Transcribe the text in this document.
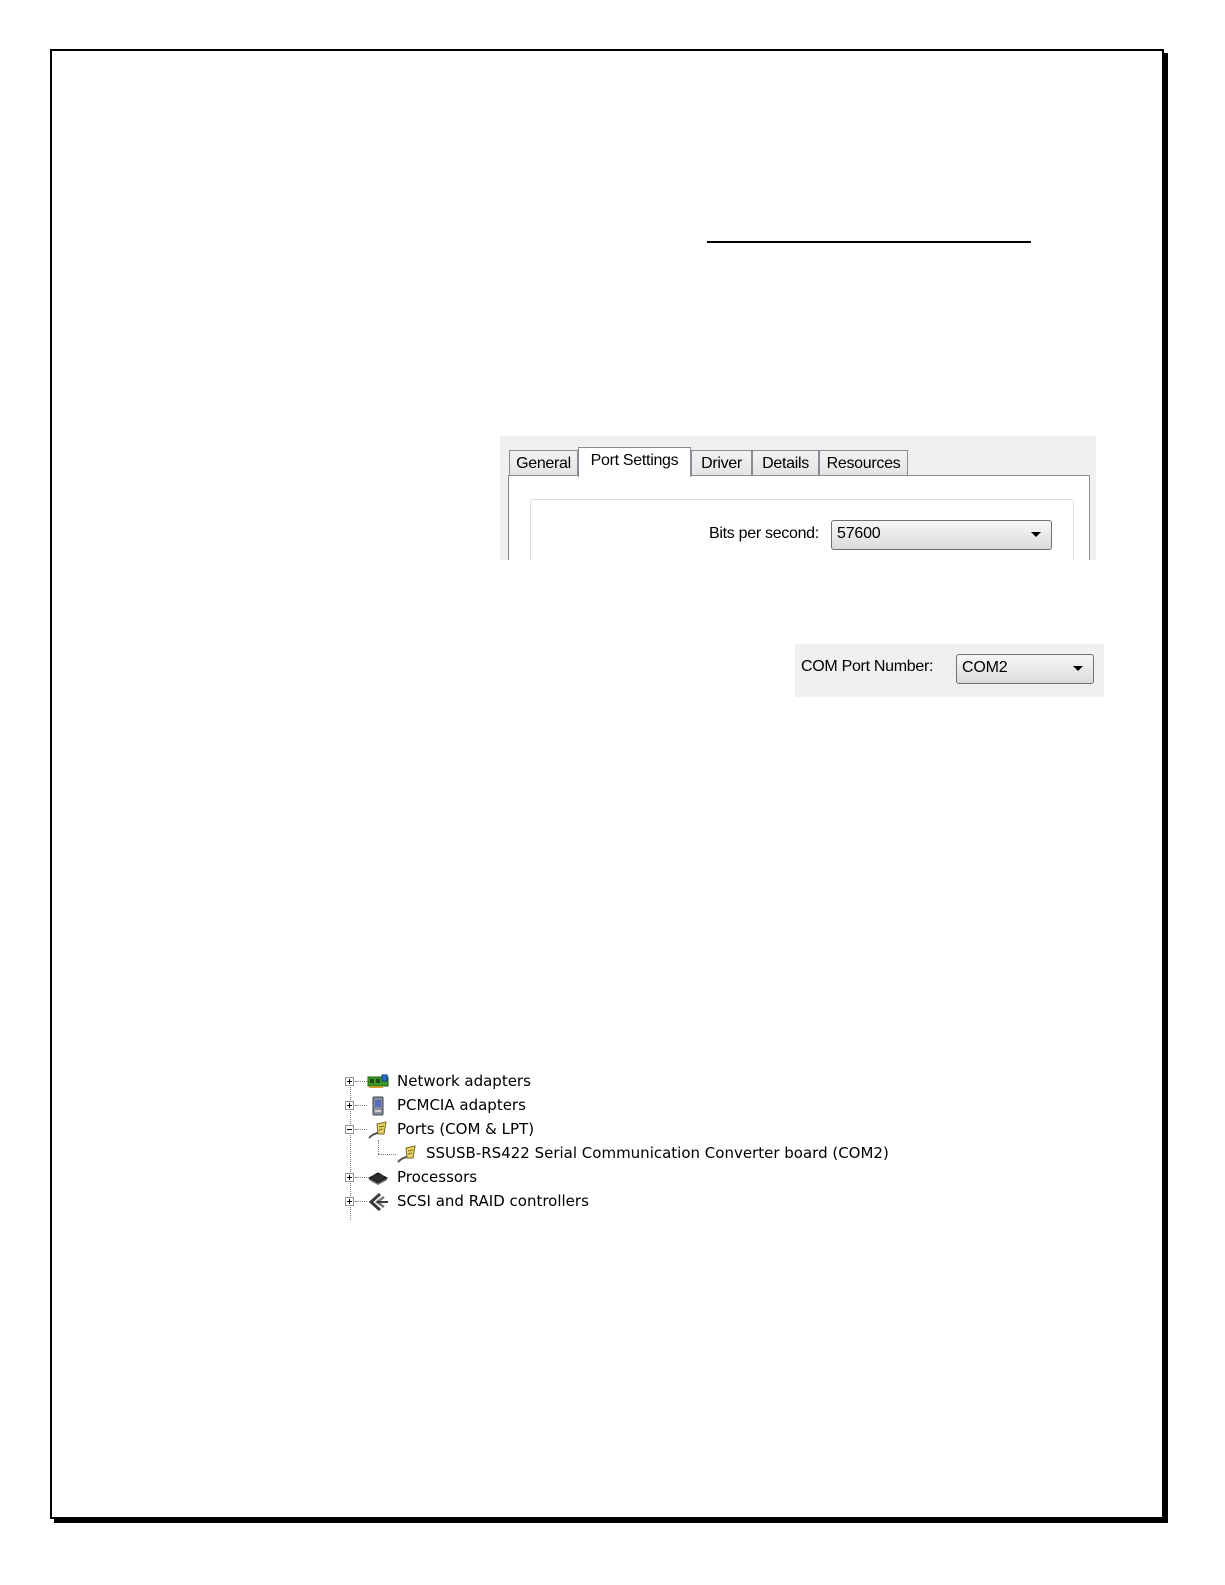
Bits per second: 57600
General	Port Settings	Driver	Details	Resources
COM Port Number: COM2
Network adapters
PCMCIA adapters
Ports (COM & LPT)
SSUSB-RS422 Serial Communication Converter board (COM2)
Processors
SCSI and RAID controllers
